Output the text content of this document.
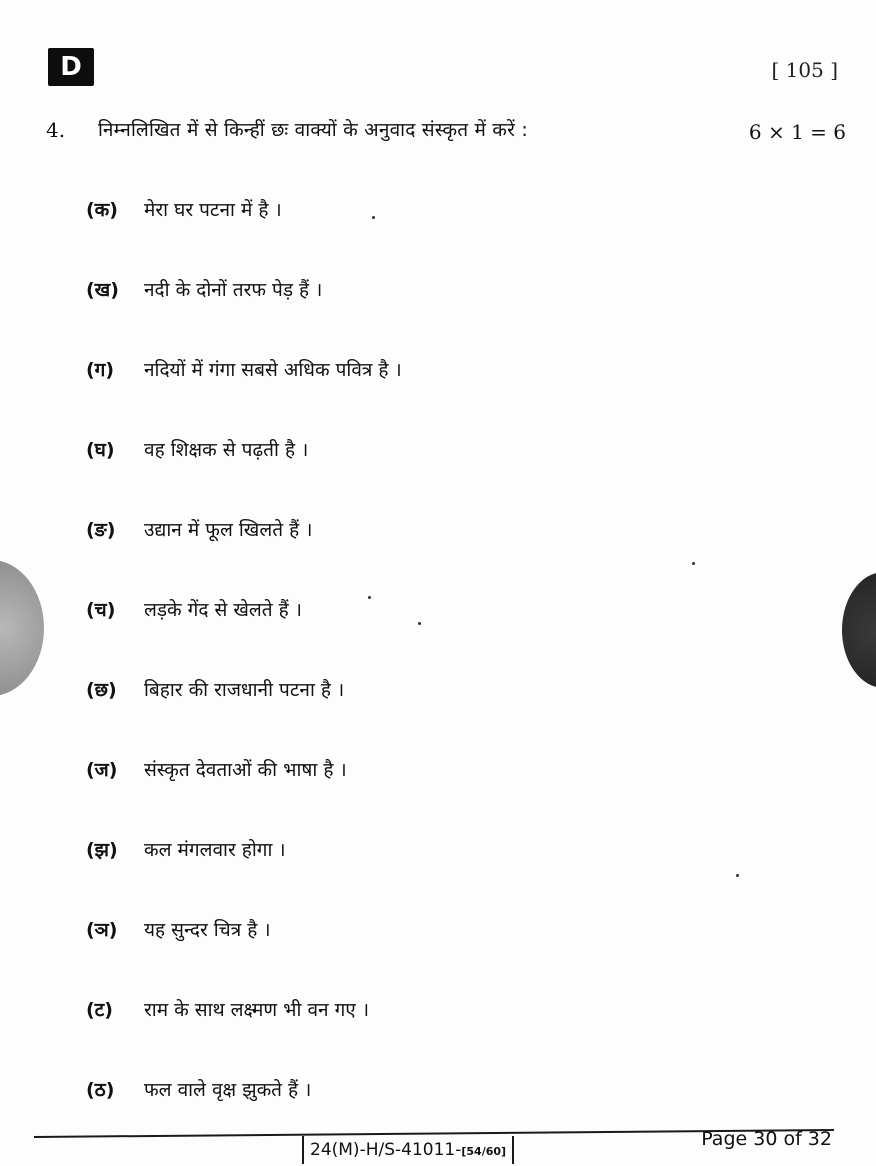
D	[ 105 ]
4. निम्नलिखित में से किन्हीं छः वाक्यों के अनुवाद संस्कृत में करें :	6 × 1 = 6
(क)	मेरा घर पटना में है ।
(ख)	नदी के दोनों तरफ पेड़ हैं ।
(ग)	नदियों में गंगा सबसे अधिक पवित्र है ।
(घ)	वह शिक्षक से पढ़ती है ।
(ङ)	उद्यान में फूल खिलते हैं ।
(च)	लड़के गेंद से खेलते हैं ।
(छ)	बिहार की राजधानी पटना है ।
(ज)	संस्कृत देवताओं की भाषा है ।
(झ)	कल मंगलवार होगा ।
(ञ)	यह सुन्दर चित्र है ।
(ट)	राम के साथ लक्ष्मण भी वन गए ।
(ठ)	फल वाले वृक्ष झुकते हैं ।
24(M)-H/S-41011-[54/60]
Page 30 of 32
